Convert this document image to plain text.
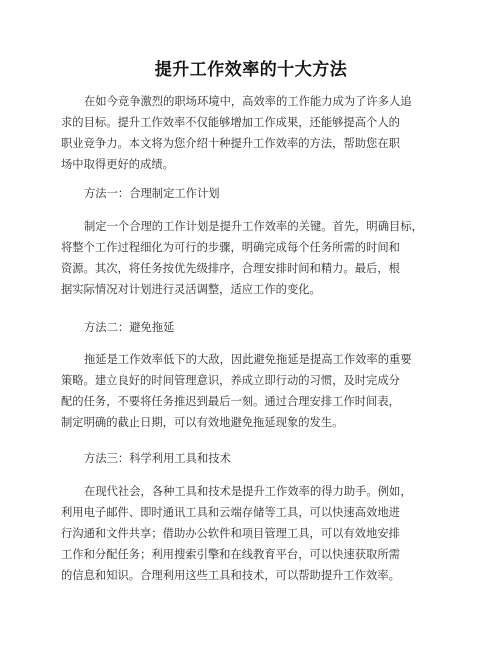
提升工作效率的十大方法
在如今竞争激烈的职场环境中，高效率的工作能力成为了许多人追
求的目标。提升工作效率不仅能够增加工作成果，还能够提高个人的
职业竞争力。本文将为您介绍十种提升工作效率的方法，帮助您在职
场中取得更好的成绩。
方法一：合理制定工作计划
制定一个合理的工作计划是提升工作效率的关键。首先，明确目标，
将整个工作过程细化为可行的步骤，明确完成每个任务所需的时间和
资源。其次，将任务按优先级排序，合理安排时间和精力。最后，根
据实际情况对计划进行灵活调整，适应工作的变化。
方法二：避免拖延
拖延是工作效率低下的大敌，因此避免拖延是提高工作效率的重要
策略。建立良好的时间管理意识，养成立即行动的习惯，及时完成分
配的任务，不要将任务推迟到最后一刻。通过合理安排工作时间表，
制定明确的截止日期，可以有效地避免拖延现象的发生。
方法三：科学利用工具和技术
在现代社会，各种工具和技术是提升工作效率的得力助手。例如，
利用电子邮件、即时通讯工具和云端存储等工具，可以快速高效地进
行沟通和文件共享；借助办公软件和项目管理工具，可以有效地安排
工作和分配任务；利用搜索引擎和在线教育平台，可以快速获取所需
的信息和知识。合理利用这些工具和技术，可以帮助提升工作效率。
